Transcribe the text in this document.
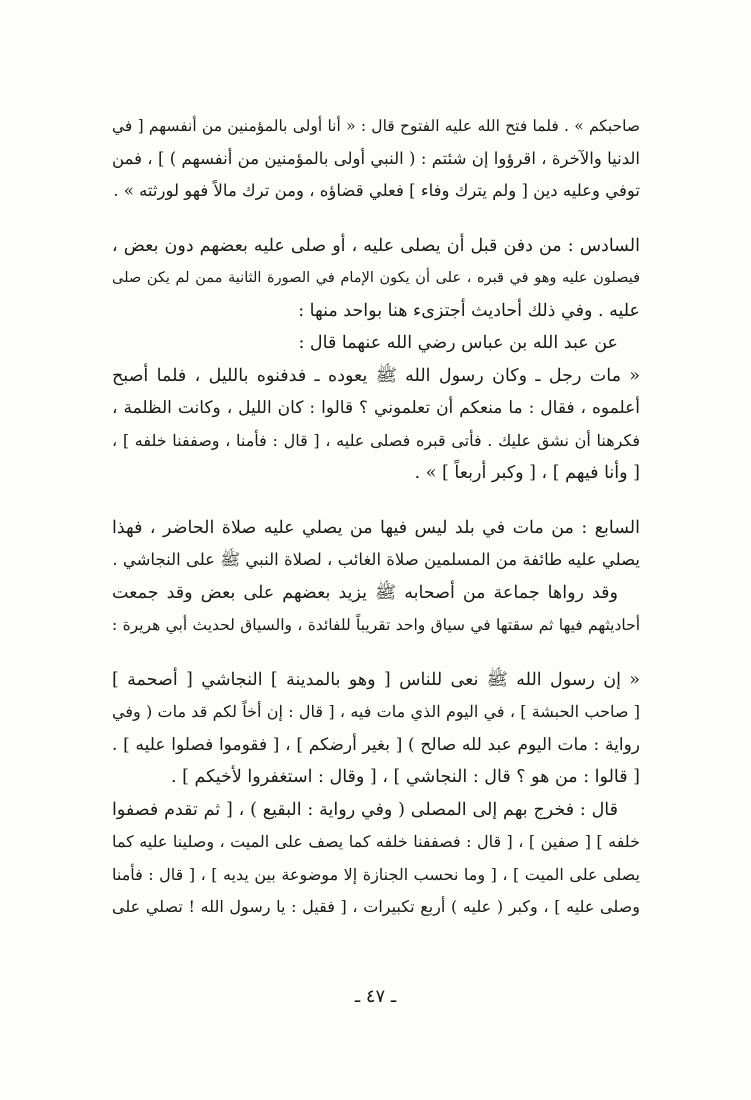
صاحبكم » . فلما فتح الله عليه الفتوح قال : « أنا أولى بالمؤمنين من أنفسهم [ في
الدنيا والآخرة ، اقرؤوا إن شئتم : ( النبي أولى بالمؤمنين من أنفسهم ) ] ، فمن
توفي وعليه دين [ ولم يترك وفاء ] فعلي قضاؤه ، ومن ترك مالاً فهو لورثته » .
السادس : من دفن قبل أن يصلى عليه ، أو صلى عليه بعضهم دون بعض ،
فيصلون عليه وهو في قبره ، على أن يكون الإمام في الصورة الثانية ممن لم يكن صلى
عليه . وفي ذلك أحاديث أجتزىء هنا بواحد منها :
عن عبد الله بن عباس رضي الله عنهما قال :
« مات رجل ـ وكان رسول الله ﷺ يعوده ـ فدفنوه بالليل ، فلما أصبح
أعلموه ، فقال : ما منعكم أن تعلموني ؟ قالوا : كان الليل ، وكانت الظلمة ،
فكرهنا أن نشق عليك . فأتى قبره فصلى عليه ، [ قال : فأمنا ، وصففنا خلفه ] ،
[ وأنا فيهم ] ، [ وكبر أربعاً ] » .
السابع : من مات في بلد ليس فيها من يصلي عليه صلاة الحاضر ، فهذا
يصلي عليه طائفة من المسلمين صلاة الغائب ، لصلاة النبي ﷺ على النجاشي .
وقد رواها جماعة من أصحابه ﷺ يزيد بعضهم على بعض وقد جمعت
أحاديثهم فيها ثم سقتها في سياق واحد تقريباً للفائدة ، والسياق لحديث أبي هريرة :
« إن رسول الله ﷺ نعى للناس [ وهو بالمدينة ] النجاشي [ أصحمة ]
[ صاحب الحبشة ] ، في اليوم الذي مات فيه ، [ قال : إن أخاً لكم قد مات ( وفي
رواية : مات اليوم عبد لله صالح ) [ بغير أرضكم ] ، [ فقوموا فصلوا عليه ] .
[ قالوا : من هو ؟ قال : النجاشي ] ، [ وقال : استغفروا لأخيكم ] .
قال : فخرج بهم إلى المصلى ( وفي رواية : البقيع ) ، [ ثم تقدم فصفوا
خلفه ] [ صفين ] ، [ قال : فصففنا خلفه كما يصف على الميت ، وصلينا عليه كما
يصلى على الميت ] ، [ وما نحسب الجنازة إلا موضوعة بين يديه ] ، [ قال : فأمنا
وصلى عليه ] ، وكبر ( عليه ) أربع تكبيرات ، [ فقيل : يا رسول الله ! تصلي على
ـ ٤٧ ـ
